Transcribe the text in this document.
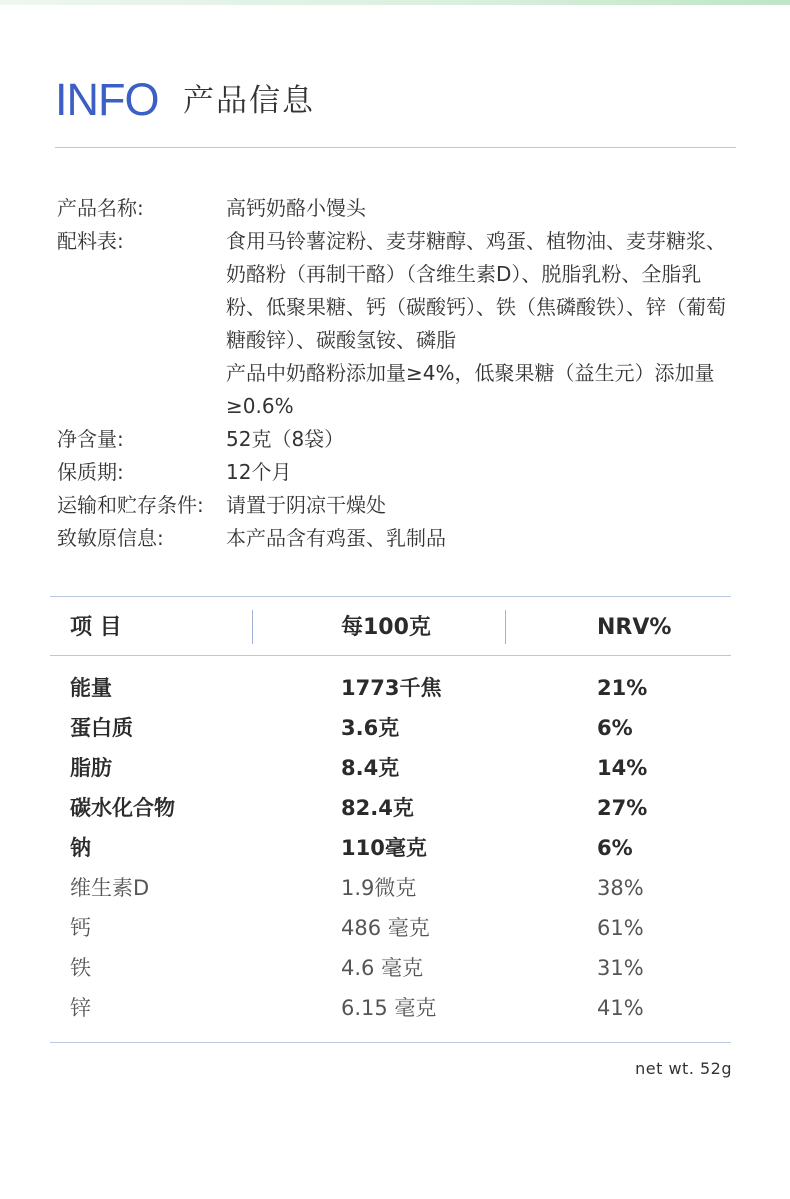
INFO 产品信息
产品名称:	高钙奶酪小馒头

配料表:	食用马铃薯淀粉、麦芽糖醇、鸡蛋、植物油、麦芽糖浆、奶酪粉（再制干酪）（含维生素D）、脱脂乳粉、全脂乳粉、低聚果糖、钙（碳酸钙）、铁（焦磷酸铁）、锌（葡萄糖酸锌）、碳酸氢铵、磷脂

产品中奶酪粉添加量≥4%，低聚果糖（益生元）添加量≥0.6%

净含量:	52克（8袋）

保质期:	12个月

运输和贮存条件: 请置于阴凉干燥处

致敏原信息:	本产品含有鸡蛋、乳制品

项 目	每100克	NRV%
能量	1773千焦	21%
蛋白质	3.6克	6%
脂肪	8.4克	14%
碳水化合物	82.4克	27%
钠	110毫克	6%
维生素D	1.9微克	38%
钙	486 毫克	61%
铁	4.6 毫克	31%
锌	6.15 毫克	41%
net wt. 52g
